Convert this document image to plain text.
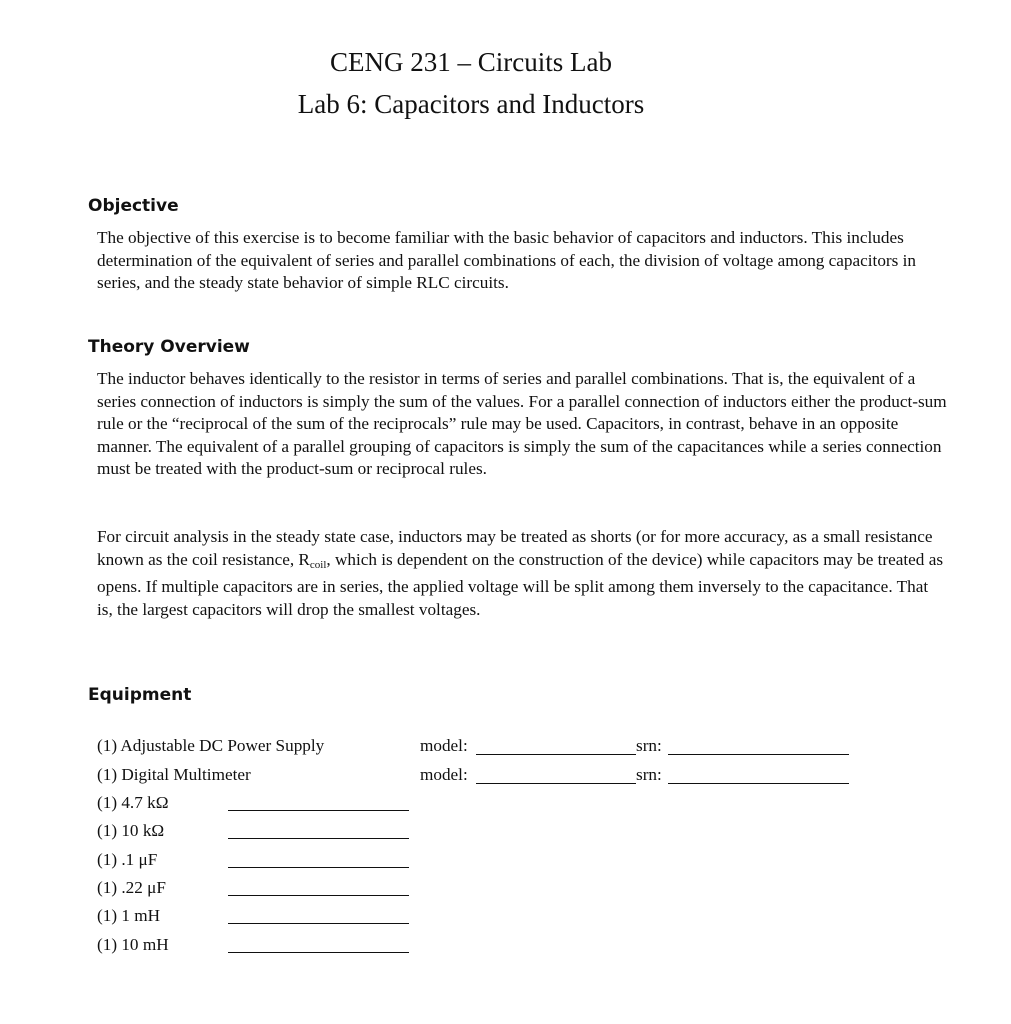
CENG 231 – Circuits Lab
Lab 6: Capacitors and Inductors
Objective

The objective of this exercise is to become familiar with the basic behavior of capacitors and inductors. This includes determination of the equivalent of series and parallel combinations of each, the division of voltage among capacitors in series, and the steady state behavior of simple RLC circuits.

Theory Overview

The inductor behaves identically to the resistor in terms of series and parallel combinations. That is, the equivalent of a series connection of inductors is simply the sum of the values. For a parallel connection of inductors either the product-sum rule or the “reciprocal of the sum of the reciprocals” rule may be used. Capacitors, in contrast, behave in an opposite manner. The equivalent of a parallel grouping of capacitors is simply the sum of the capacitances while a series connection must be treated with the product-sum or reciprocal rules.

For circuit analysis in the steady state case, inductors may be treated as shorts (or for more accuracy, as a small resistance known as the coil resistance, $R_{coil}$, which is dependent on the construction of the device) while capacitors may be treated as opens. If multiple capacitors are in series, the applied voltage will be split among them inversely to the capacitance. That is, the largest capacitors will drop the smallest voltages.

Equipment
(1) Adjustable DC Power Supply	model:	srn:
(1) Digital Multimeter	model:	srn:
(1) 4.7 kΩ
(1) 10 kΩ
(1) .1 μF
(1) .22 μF
(1) 1 mH
(1) 10 mH
